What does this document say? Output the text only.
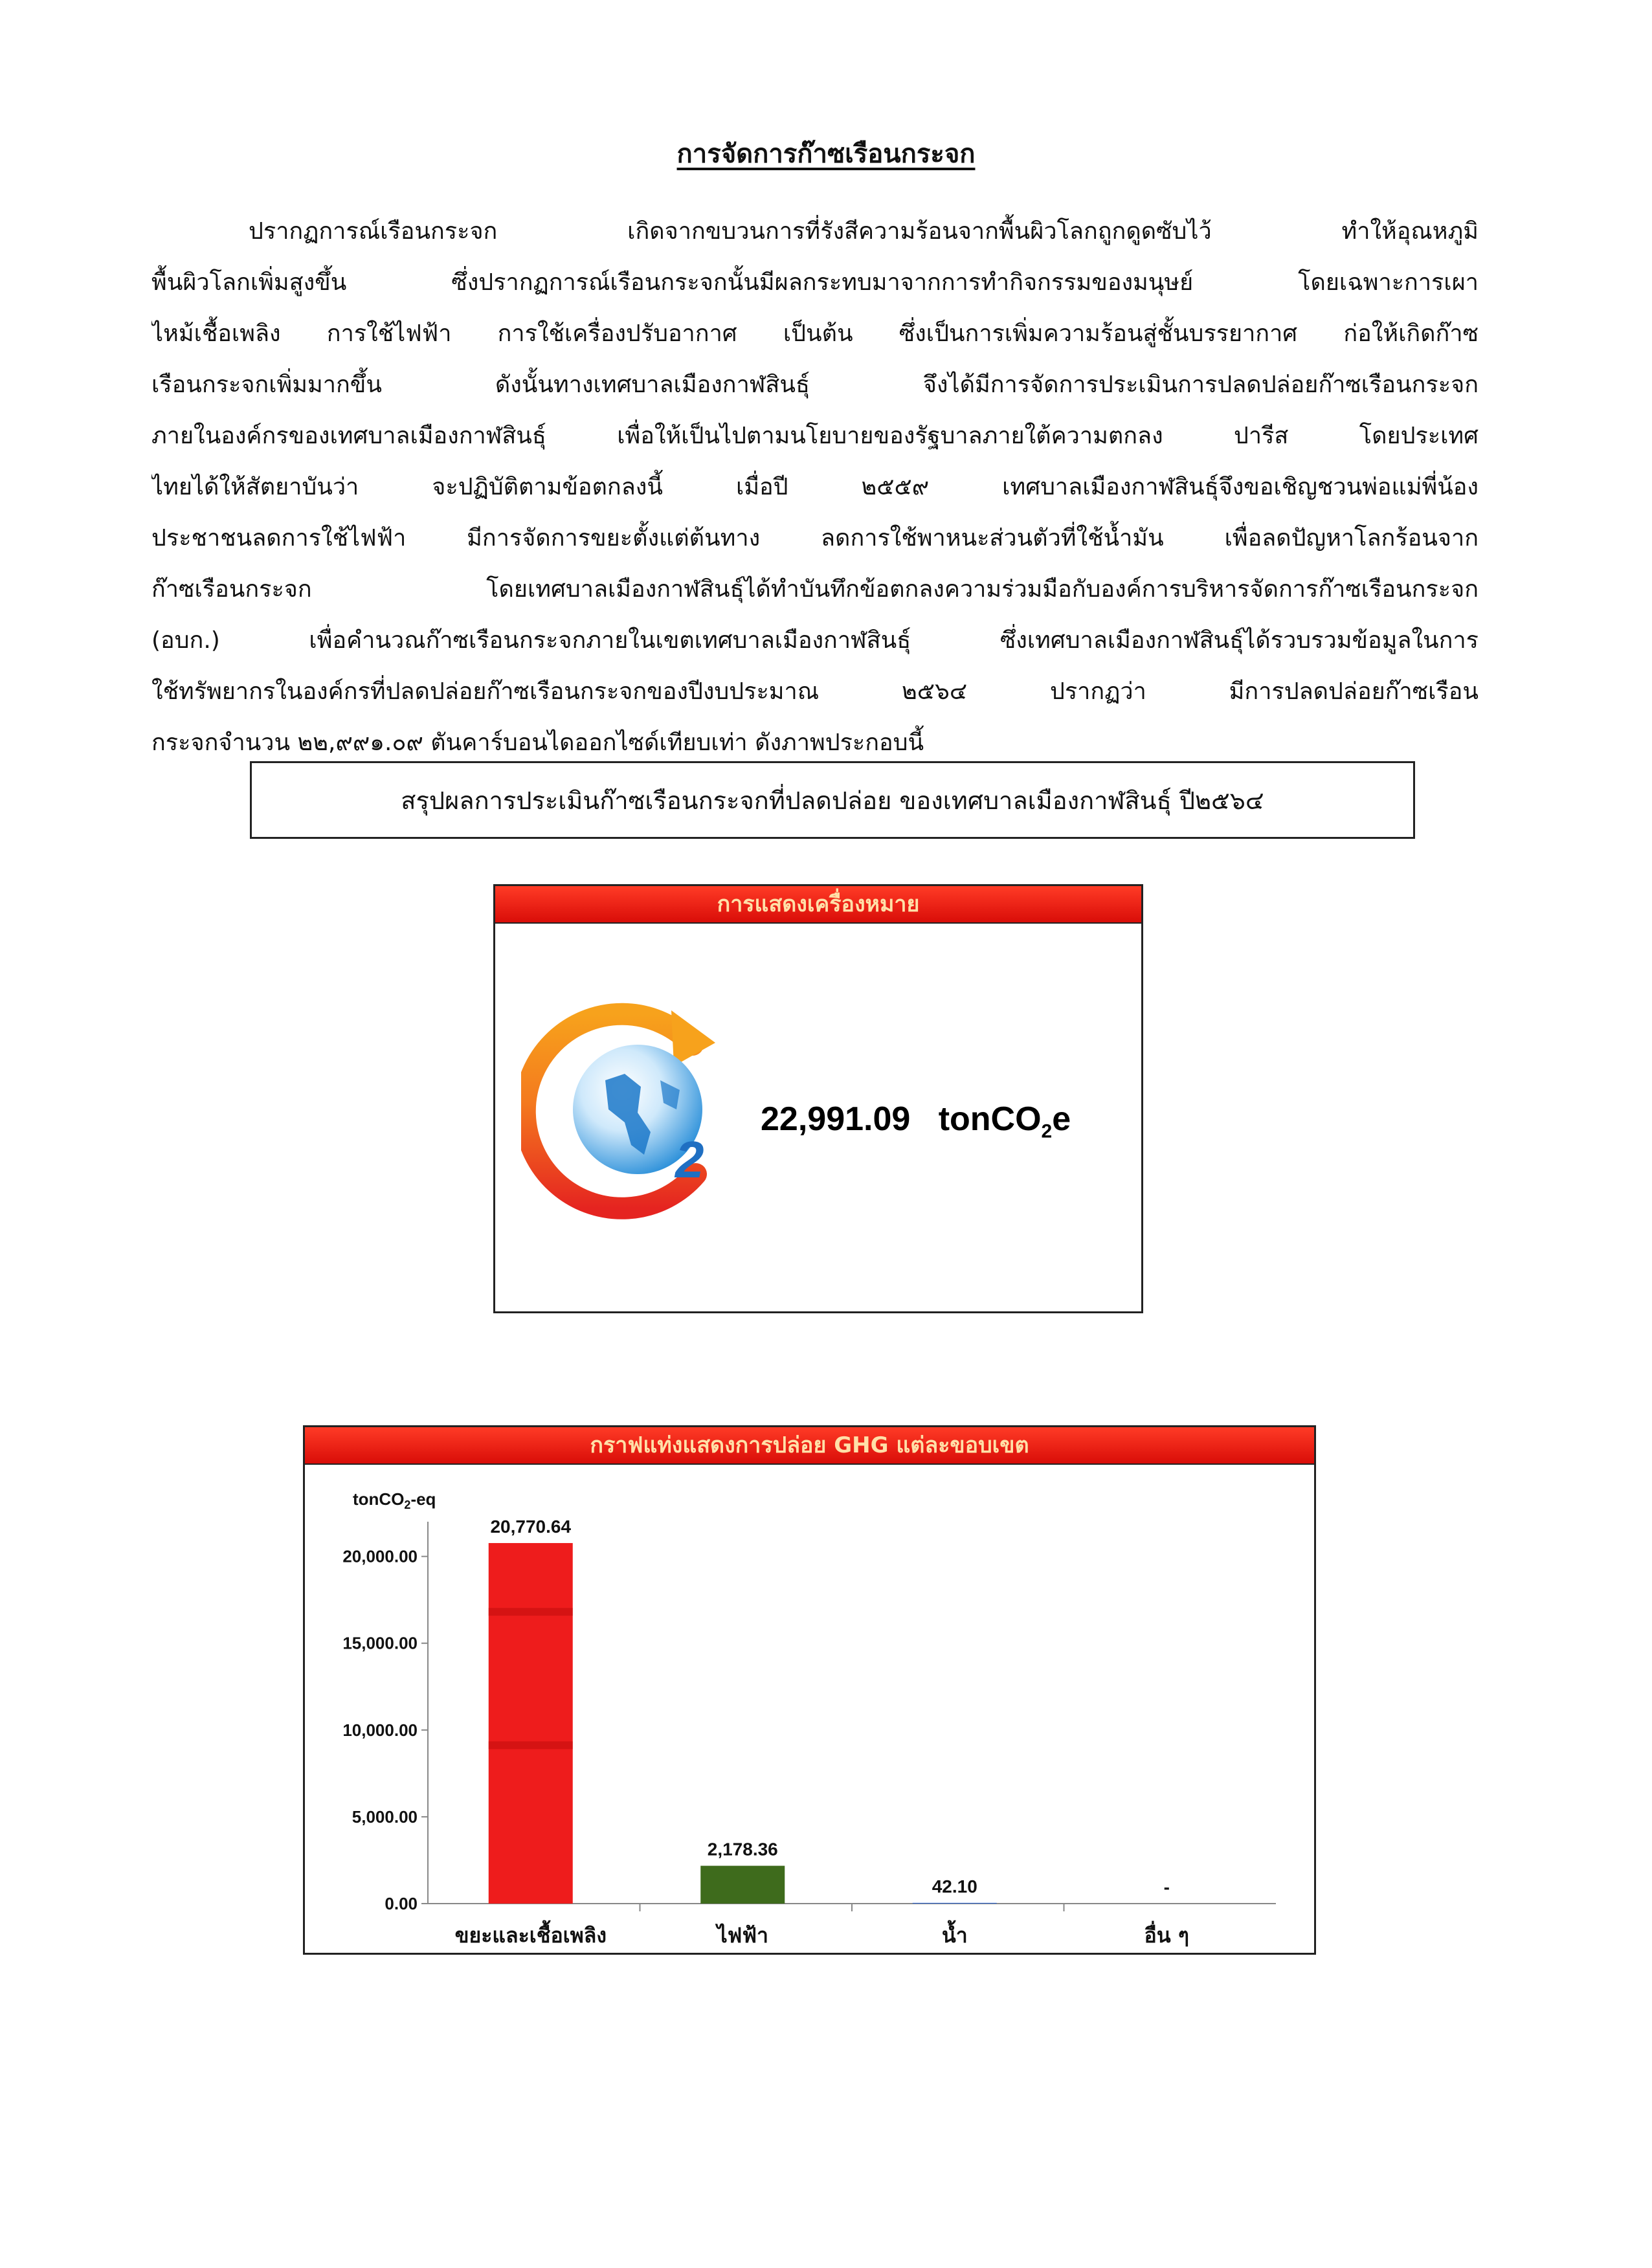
การจัดการก๊าซเรือนกระจก
ปรากฏการณ์เรือนกระจก เกิดจากขบวนการที่รังสีความร้อนจากพื้นผิวโลกถูกดูดซับไว้ ทำให้อุณหภูมิ
พื้นผิวโลกเพิ่มสูงขึ้น ซึ่งปรากฏการณ์เรือนกระจกนั้นมีผลกระทบมาจากการทำกิจกรรมของมนุษย์ โดยเฉพาะการเผา
ไหม้เชื้อเพลิง การใช้ไฟฟ้า การใช้เครื่องปรับอากาศ เป็นต้น ซึ่งเป็นการเพิ่มความร้อนสู่ชั้นบรรยากาศ ก่อให้เกิดก๊าซ
เรือนกระจกเพิ่มมากขึ้น ดังนั้นทางเทศบาลเมืองกาฬสินธุ์ จึงได้มีการจัดการประเมินการปลดปล่อยก๊าซเรือนกระจก
ภายในองค์กรของเทศบาลเมืองกาฬสินธุ์ เพื่อให้เป็นไปตามนโยบายของรัฐบาลภายใต้ความตกลง ปารีส โดยประเทศ
ไทยได้ให้สัตยาบันว่า จะปฏิบัติตามข้อตกลงนี้ เมื่อปี ๒๕๕๙ เทศบาลเมืองกาฬสินธุ์จึงขอเชิญชวนพ่อแม่พี่น้อง
ประชาชนลดการใช้ไฟฟ้า มีการจัดการขยะตั้งแต่ต้นทาง ลดการใช้พาหนะส่วนตัวที่ใช้น้ำมัน เพื่อลดปัญหาโลกร้อนจาก
ก๊าซเรือนกระจก โดยเทศบาลเมืองกาฬสินธุ์ได้ทำบันทึกข้อตกลงความร่วมมือกับองค์การบริหารจัดการก๊าซเรือนกระจก
(อบก.) เพื่อคำนวณก๊าซเรือนกระจกภายในเขตเทศบาลเมืองกาฬสินธุ์ ซึ่งเทศบาลเมืองกาฬสินธุ์ได้รวบรวมข้อมูลในการ
ใช้ทรัพยากรในองค์กรที่ปลดปล่อยก๊าซเรือนกระจกของปีงบประมาณ ๒๕๖๔ ปรากฏว่า มีการปลดปล่อยก๊าซเรือน
กระจกจำนวน ๒๒,๙๙๑.๐๙ ตันคาร์บอนไดออกไซด์เทียบเท่า ดังภาพประกอบนี้
สรุปผลการประเมินก๊าซเรือนกระจกที่ปลดปล่อย ของเทศบาลเมืองกาฬสินธุ์ ปี๒๕๖๔
การแสดงเครื่องหมาย
2
22,991.09 tonCO$_2$e
กราฟแท่งแสดงการปล่อย GHG แต่ละขอบเขต
tonCO$_2$-eq
0.00
5,000.00
10,000.00
15,000.00
20,000.00
20,770.64
ขยะและเชื้อเพลิง
2,178.36
ไฟฟ้า
42.10
น้ำ
-
อื่น ๆ
